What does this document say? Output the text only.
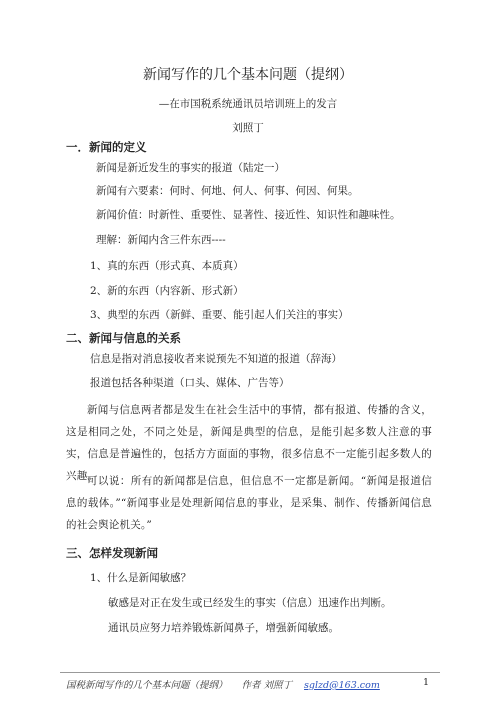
新闻写作的几个基本问题（提纲）
—在市国税系统通讯员培训班上的发言
刘照丁
一．新闻的定义
新闻是新近发生的事实的报道（陆定一）
新闻有六要素：何时、何地、何人、何事、何因、何果。
新闻价值：时新性、重要性、显著性、接近性、知识性和趣味性。
理解：新闻内含三件东西----
1、真的东西（形式真、本质真）
2、新的东西（内容新、形式新）
3、典型的东西（新鲜、重要、能引起人们关注的事实）
二、新闻与信息的关系
信息是指对消息接收者来说预先不知道的报道（辞海）
报道包括各种渠道（口头、媒体、广告等）
新闻与信息两者都是发生在社会生活中的事情，都有报道、传播的含义，这是相同之处，不同之处是，新闻是典型的信息，是能引起多数人注意的事实，信息是普遍性的，包括方方面面的事物，很多信息不一定能引起多数人的兴趣。
可以说：所有的新闻都是信息，但信息不一定都是新闻。“新闻是报道信息的载体。”“新闻事业是处理新闻信息的事业，是采集、制作、传播新闻信息的社会舆论机关。”
三、怎样发现新闻
1、什么是新闻敏感？
敏感是对正在发生或已经发生的事实（信息）迅速作出判断。
通讯员应努力培养锻炼新闻鼻子，增强新闻敏感。
国税新闻写作的几个基本问题（提纲） 作者 刘照丁 sglzd@163.com	1
